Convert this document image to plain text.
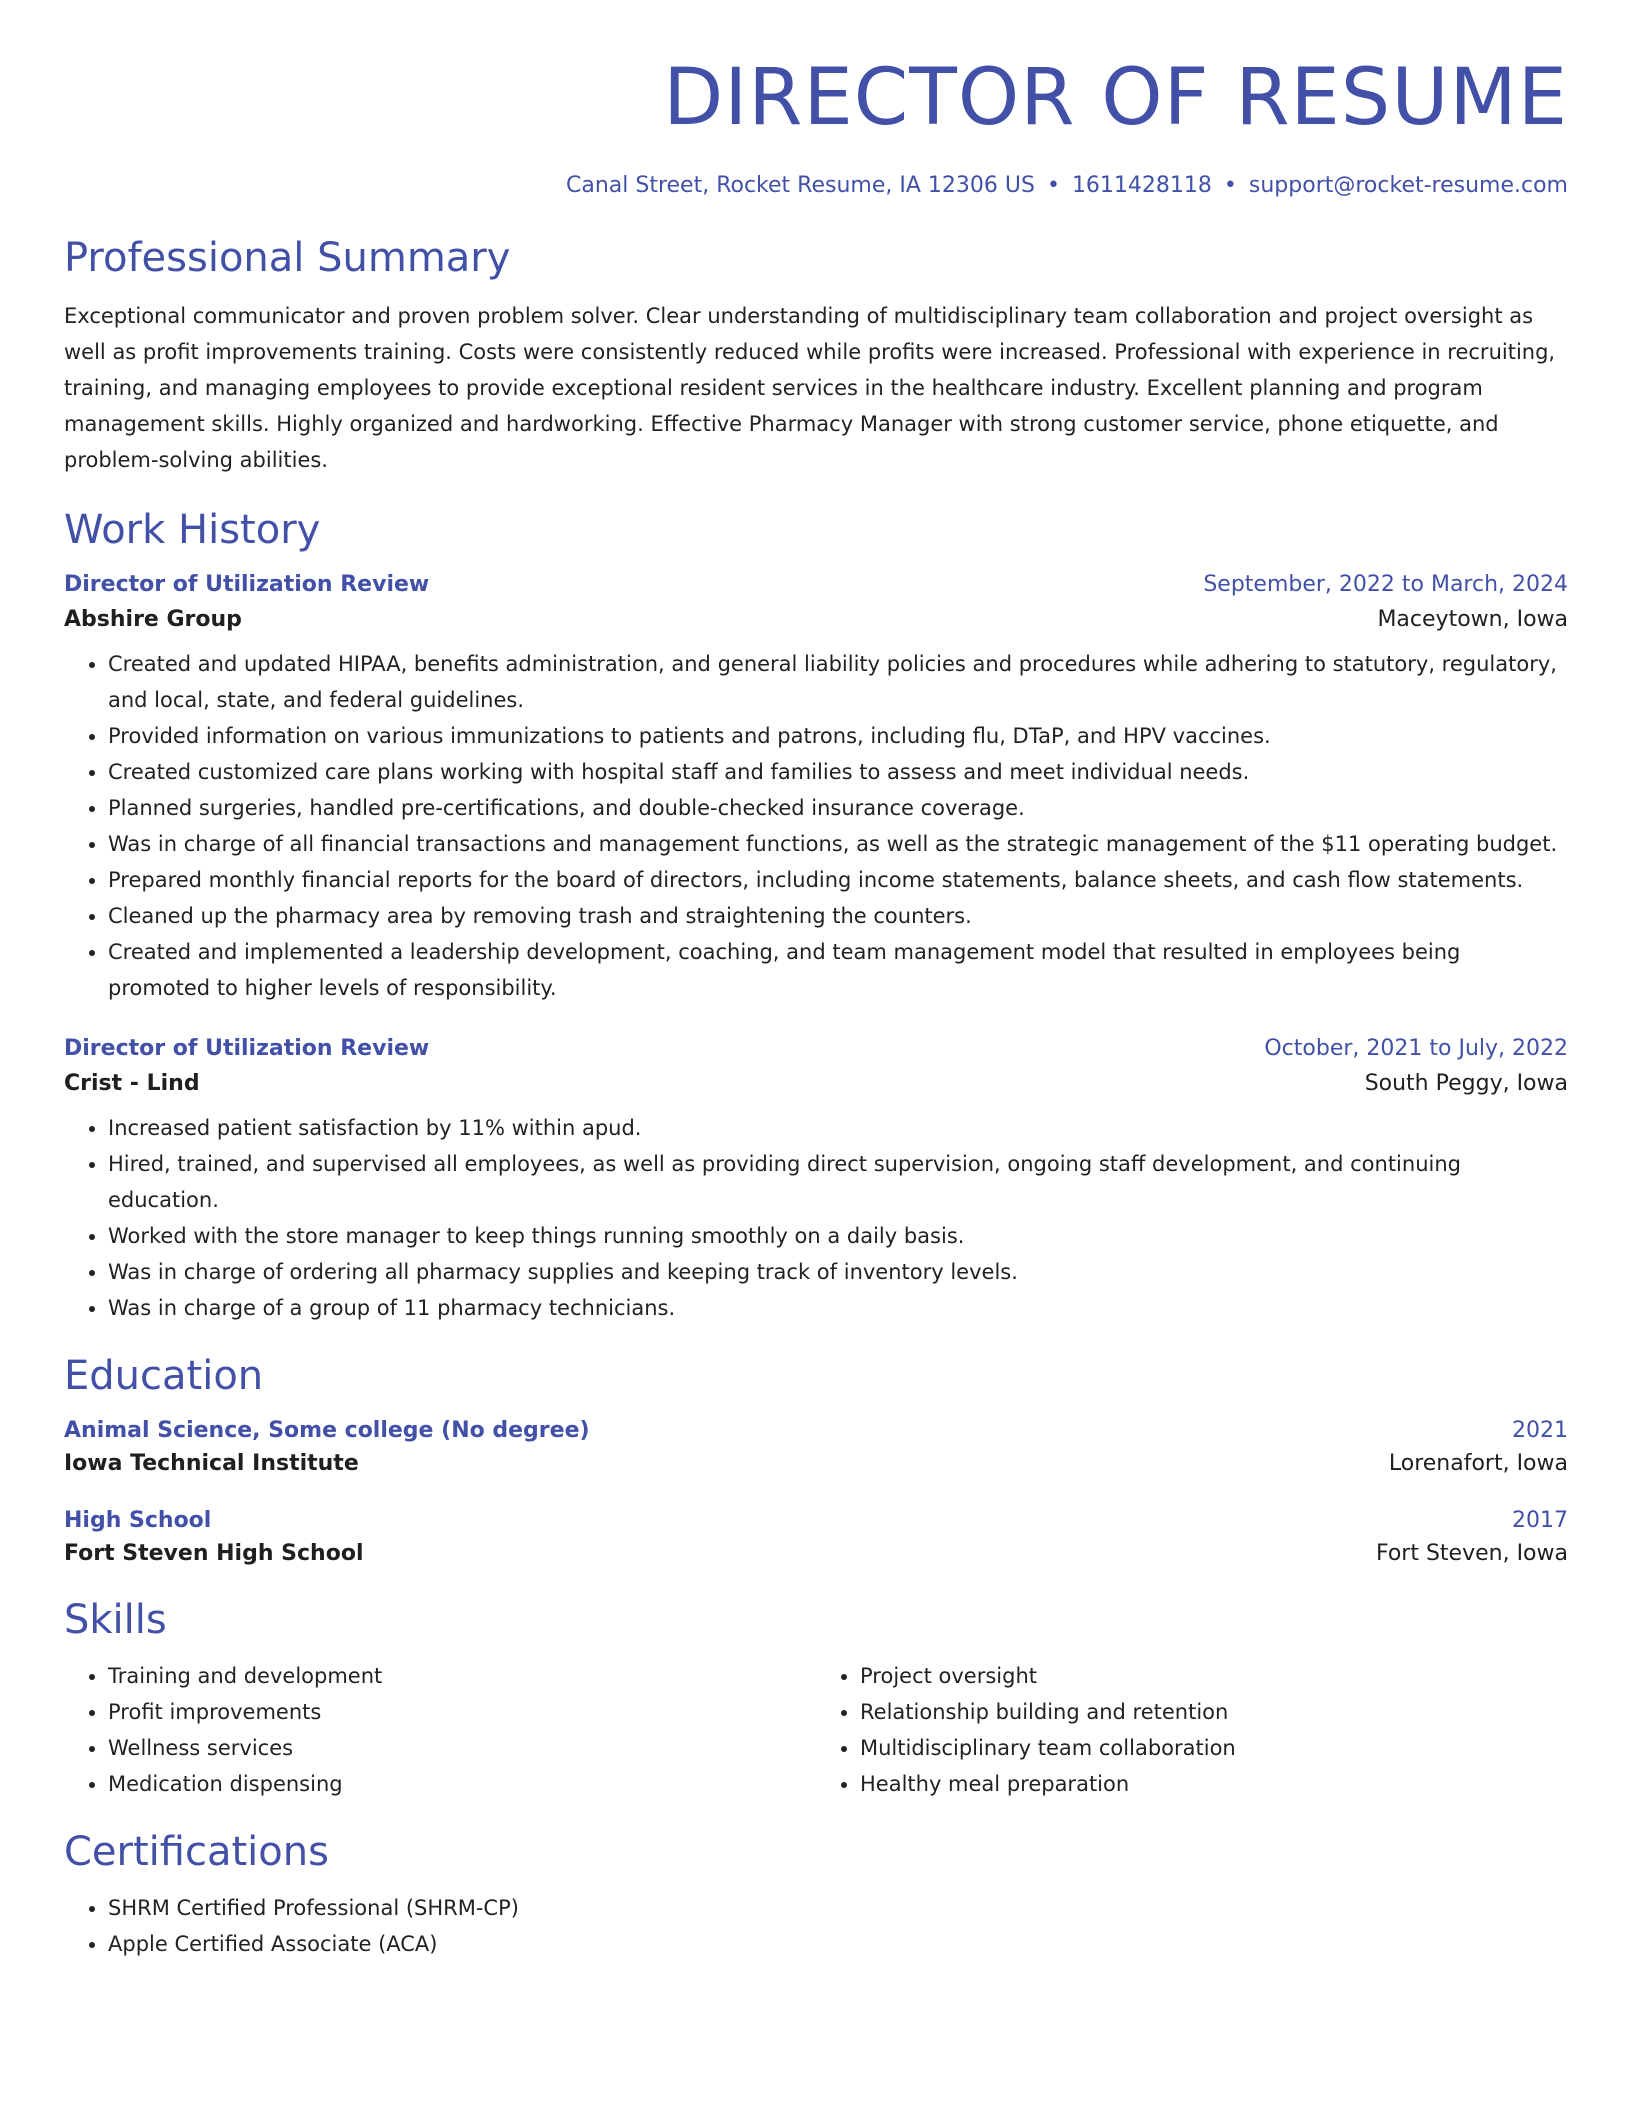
DIRECTOR OF RESUME
Canal Street, Rocket Resume, IA 12306 US • 1611428118 • support@rocket-resume.com
Professional Summary
Exceptional communicator and proven problem solver. Clear understanding of multidisciplinary team collaboration and project oversight as well as profit improvements training. Costs were consistently reduced while profits were increased. Professional with experience in recruiting, training, and managing employees to provide exceptional resident services in the healthcare industry. Excellent planning and program management skills. Highly organized and hardworking. Effective Pharmacy Manager with strong customer service, phone etiquette, and problem-solving abilities.
Work History
Director of Utilization Review	September, 2022 to March, 2024
Abshire Group	Maceytown, Iowa
• Created and updated HIPAA, benefits administration, and general liability policies and procedures while adhering to statutory, regulatory, and local, state, and federal guidelines.
• Provided information on various immunizations to patients and patrons, including flu, DTaP, and HPV vaccines.
• Created customized care plans working with hospital staff and families to assess and meet individual needs.
• Planned surgeries, handled pre-certifications, and double-checked insurance coverage.
• Was in charge of all financial transactions and management functions, as well as the strategic management of the $11 operating budget.
• Prepared monthly financial reports for the board of directors, including income statements, balance sheets, and cash flow statements.
• Cleaned up the pharmacy area by removing trash and straightening the counters.
• Created and implemented a leadership development, coaching, and team management model that resulted in employees being promoted to higher levels of responsibility.
Director of Utilization Review	October, 2021 to July, 2022
Crist - Lind	South Peggy, Iowa
• Increased patient satisfaction by 11% within apud.
• Hired, trained, and supervised all employees, as well as providing direct supervision, ongoing staff development, and continuing education.
• Worked with the store manager to keep things running smoothly on a daily basis.
• Was in charge of ordering all pharmacy supplies and keeping track of inventory levels.
• Was in charge of a group of 11 pharmacy technicians.
Education
Animal Science, Some college (No degree)	2021
Iowa Technical Institute	Lorenafort, Iowa
High School	2017
Fort Steven High School	Fort Steven, Iowa
Skills
• Training and development
• Profit improvements
• Wellness services
• Medication dispensing
• Project oversight
• Relationship building and retention
• Multidisciplinary team collaboration
• Healthy meal preparation
Certifications
• SHRM Certified Professional (SHRM-CP)
• Apple Certified Associate (ACA)
